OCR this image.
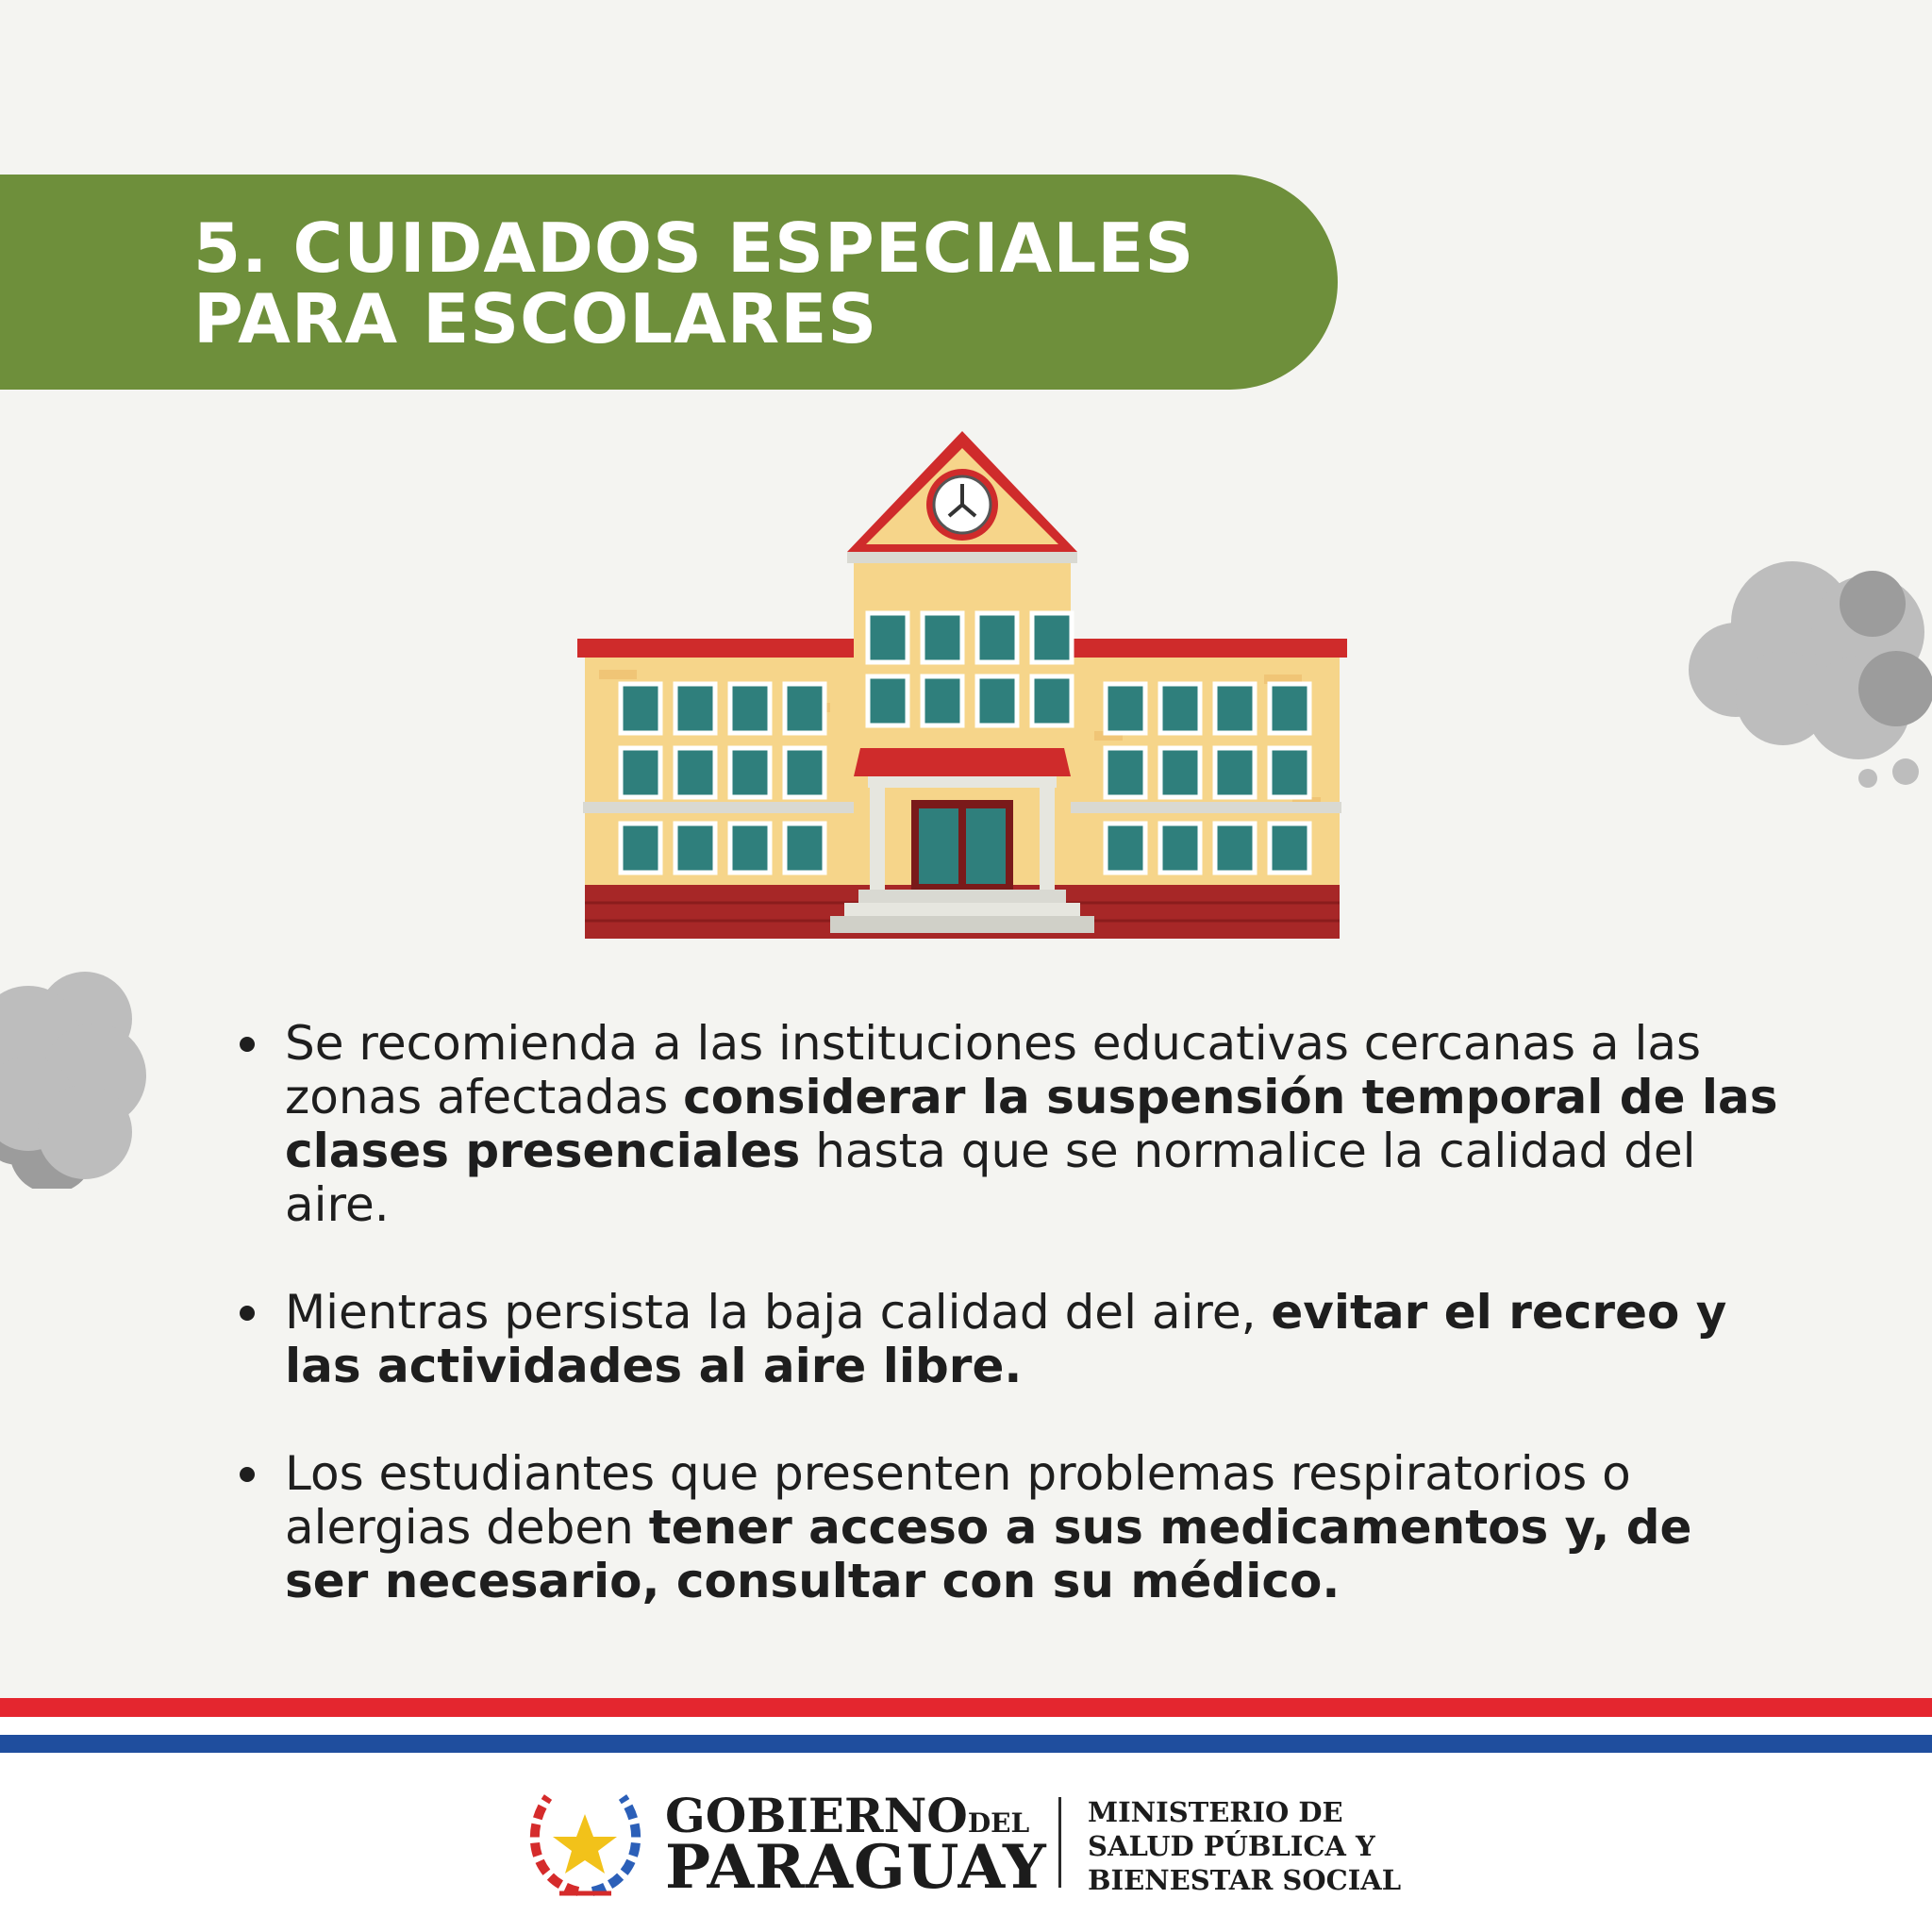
5. CUIDADOS ESPECIALES
PARA ESCOLARES
Se recomienda a las instituciones educativas cercanas a las zonas afectadas considerar la suspensión temporal de las clases presenciales hasta que se normalice la calidad del aire.
Mientras persista la baja calidad del aire, evitar el recreo y las actividades al aire libre.
Los estudiantes que presenten problemas respiratorios o alergias deben tener acceso a sus medicamentos y, de ser necesario, consultar con su médico.
GOBIERNODEL
PARAGUAY
MINISTERIO DE
SALUD PÚBLICA Y
BIENESTAR SOCIAL
